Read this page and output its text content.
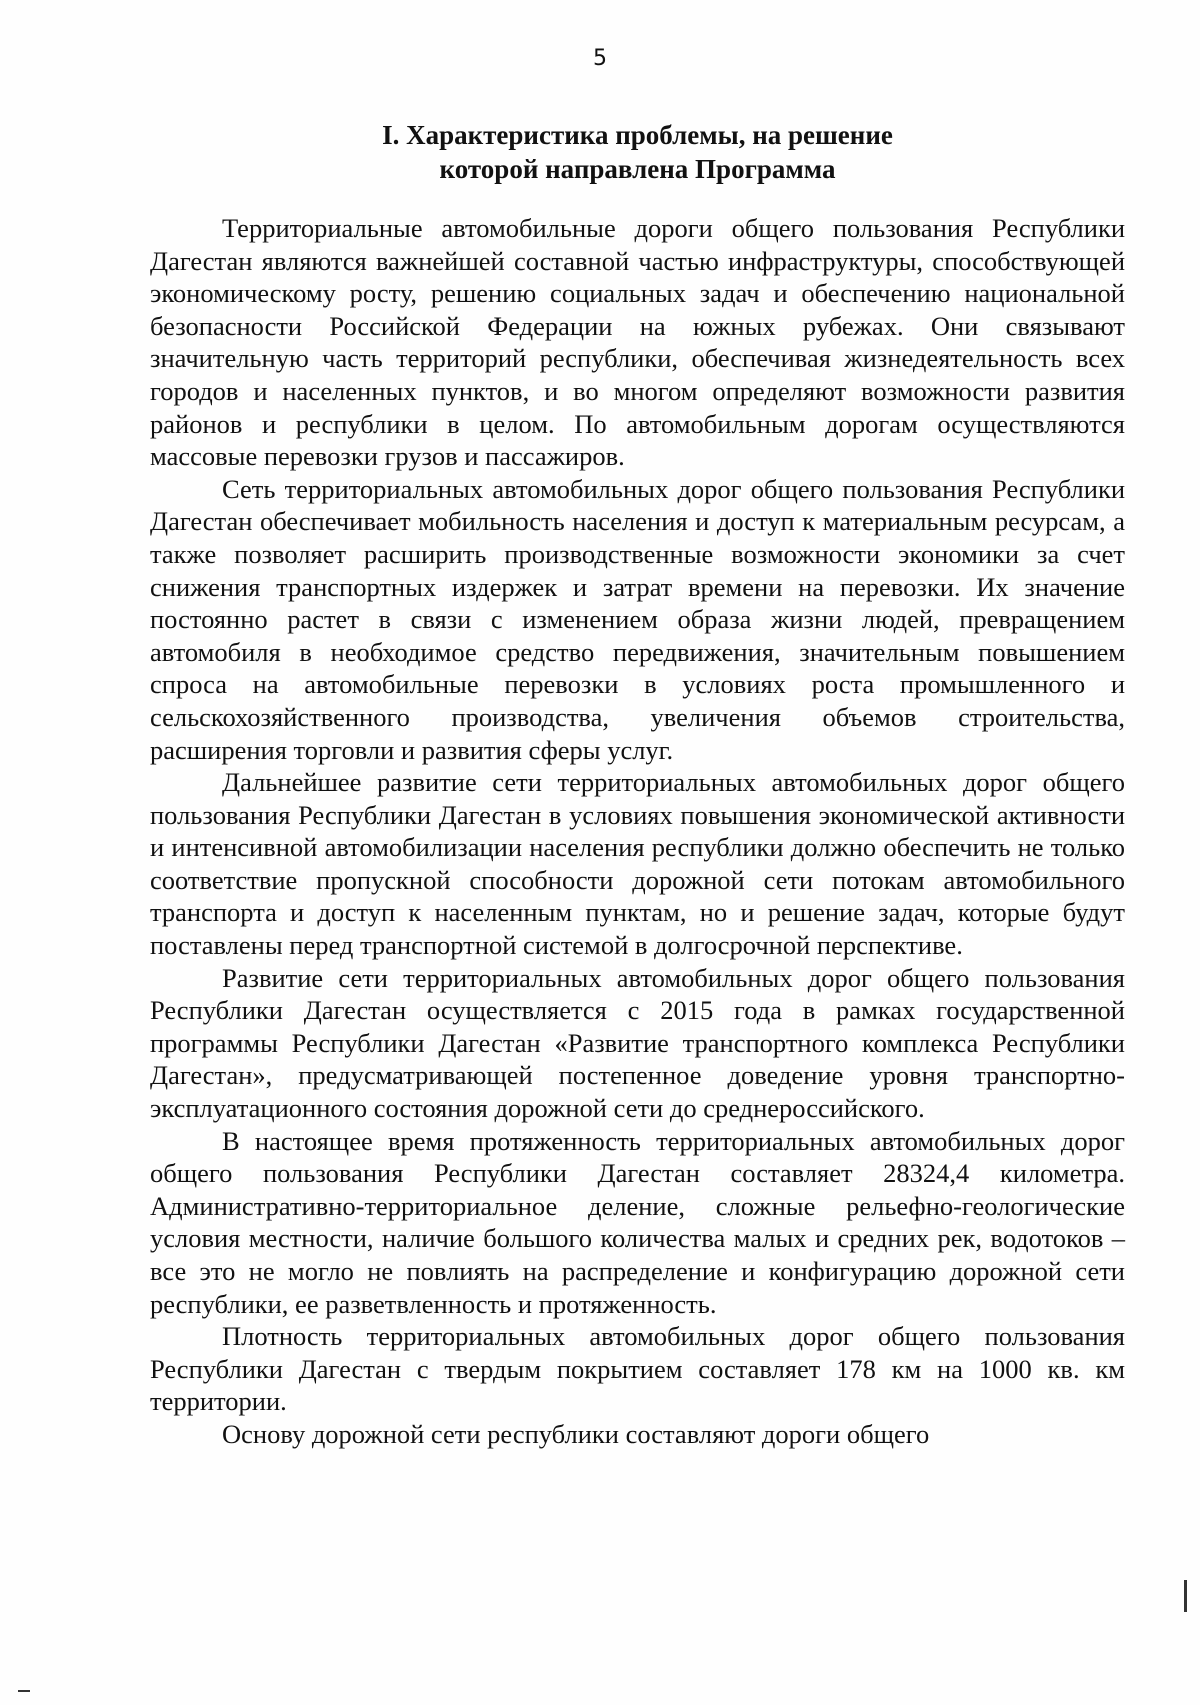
5
I. Характеристика проблемы, на решение
которой направлена Программа

Территориальные автомобильные дороги общего пользования Республики Дагестан являются важнейшей составной частью инфраструктуры, способствующей экономическому росту, решению социальных задач и обеспечению национальной безопасности Российской Федерации на южных рубежах. Они связывают значительную часть территорий республики, обеспечивая жизнедеятельность всех городов и населенных пунктов, и во многом определяют возможности развития районов и республики в целом. По автомобильным дорогам осуществляются массовые перевозки грузов и пассажиров.

Сеть территориальных автомобильных дорог общего пользования Республики Дагестан обеспечивает мобильность населения и доступ к материальным ресурсам, а также позволяет расширить производственные возможности экономики за счет снижения транспортных издержек и затрат времени на перевозки. Их значение постоянно растет в связи с изменением образа жизни людей, превращением автомобиля в необходимое средство передвижения, значительным повышением спроса на автомобильные перевозки в условиях роста промышленного и сельскохозяйственного производства, увеличения объемов строительства, расширения торговли и развития сферы услуг.

Дальнейшее развитие сети территориальных автомобильных дорог общего пользования Республики Дагестан в условиях повышения экономической активности и интенсивной автомобилизации населения республики должно обеспечить не только соответствие пропускной способности дорожной сети потокам автомобильного транспорта и доступ к населенным пунктам, но и решение задач, которые будут поставлены перед транспортной системой в долгосрочной перспективе.

Развитие сети территориальных автомобильных дорог общего пользования Республики Дагестан осуществляется с 2015 года в рамках государственной программы Республики Дагестан «Развитие транспортного комплекса Республики Дагестан», предусматривающей постепенное доведение уровня транспортно-эксплуатационного состояния дорожной сети до среднероссийского.

В настоящее время протяженность территориальных автомобильных дорог общего пользования Республики Дагестан составляет 28324,4 километра. Административно-территориальное деление, сложные рельефно-геологические условия местности, наличие большого количества малых и средних рек, водотоков – все это не могло не повлиять на распределение и конфигурацию дорожной сети республики, ее разветвленность и протяженность.

Плотность территориальных автомобильных дорог общего пользования Республики Дагестан с твердым покрытием составляет 178 км на 1000 кв. км территории.

Основу дорожной сети республики составляют дороги общего
